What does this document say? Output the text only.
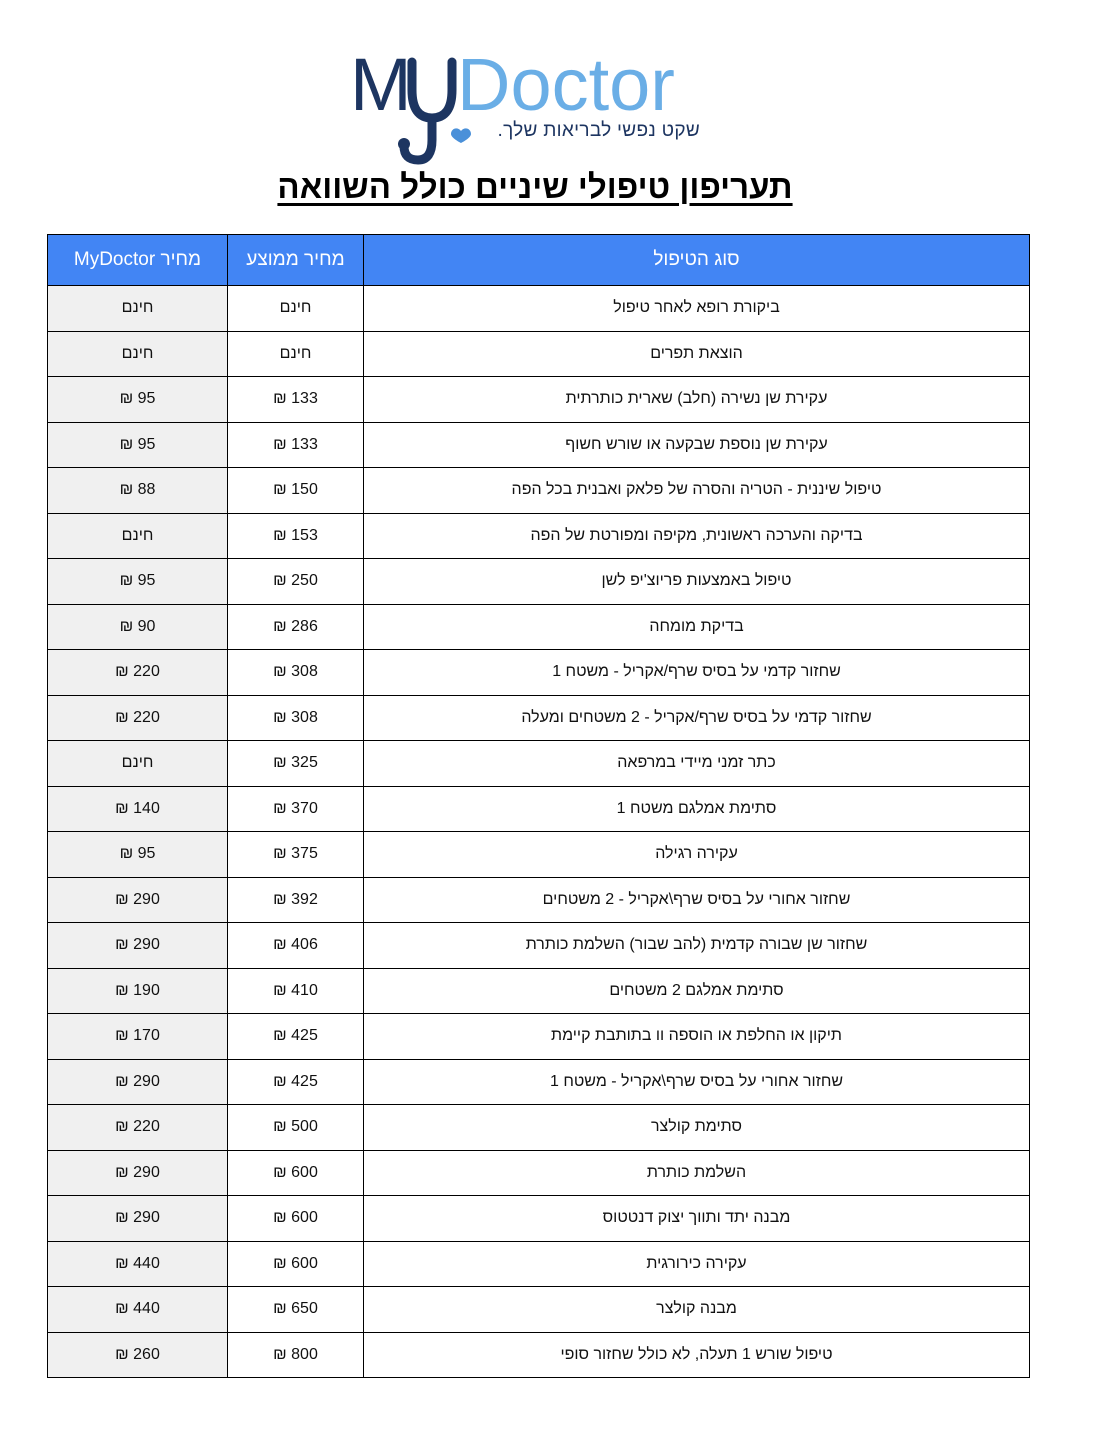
M Doctor
שקט נפשי לבריאות שלך.
תעריפון טיפולי שיניים כולל השוואה
מחיר MyDoctor	מחיר ממוצע	סוג הטיפול
חינם	חינם	ביקורת רופא לאחר טיפול
חינם	חינם	הוצאת תפרים
95 ₪	133 ₪	עקירת שן נשירה (חלב) שארית כותרתית
95 ₪	133 ₪	עקירת שן נוספת שבקעה או שורש חשוף
88 ₪	150 ₪	טיפול שיננית - הטריה והסרה של פלאק ואבנית בכל הפה
חינם	153 ₪	בדיקה והערכה ראשונית, מקיפה ומפורטת של הפה
95 ₪	250 ₪	טיפול באמצעות פריוצ'יפ לשן
90 ₪	286 ₪	בדיקת מומחה
220 ₪	308 ₪	שחזור קדמי על בסיס שרף/אקריל - משטח 1
220 ₪	308 ₪	שחזור קדמי על בסיס שרף/אקריל - 2 משטחים ומעלה
חינם	325 ₪	כתר זמני מיידי במרפאה
140 ₪	370 ₪	סתימת אמלגם משטח 1
95 ₪	375 ₪	עקירה רגילה
290 ₪	392 ₪	שחזור אחורי על בסיס שרף\אקריל - 2 משטחים
290 ₪	406 ₪	שחזור שן שבורה קדמית (להב שבור) השלמת כותרת
190 ₪	410 ₪	סתימת אמלגם 2 משטחים
170 ₪	425 ₪	תיקון או החלפת או הוספה וו בתותבת קיימת
290 ₪	425 ₪	שחזור אחורי על בסיס שרף\אקריל - משטח 1
220 ₪	500 ₪	סתימת קולצר
290 ₪	600 ₪	השלמת כותרת
290 ₪	600 ₪	מבנה יתד ותווך יצוק דנטטוס
440 ₪	600 ₪	עקירה כירורגית
440 ₪	650 ₪	מבנה קולצר
260 ₪	800 ₪	טיפול שורש 1 תעלה, לא כולל שחזור סופי
